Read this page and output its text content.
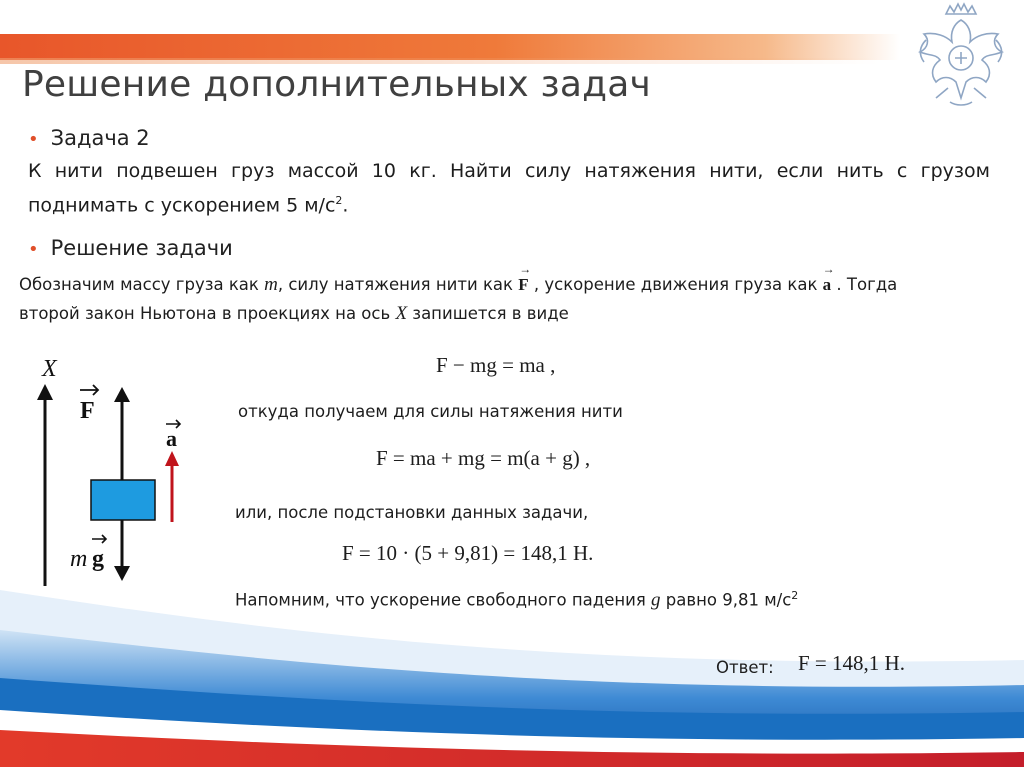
Решение дополнительных задач
• Задача 2
К нити подвешен груз массой 10 кг. Найти силу натяжения нити, если нить с грузом поднимать с ускорением 5 $м/с^2$.
• Решение задачи
Обозначим массу груза как m, силу натяжения нити как
→
F , ускорение движения груза как
→
a . Тогда
второй закон Ньютона в проекциях на ось X запишется в виде
F − mg = ma ,
откуда получаем для силы натяжения нити
F = ma + mg = m(a + g) ,
или, после подстановки данных задачи,
F = 10 · (5 + 9,81) = 148,1 Н.
Напомним, что ускорение свободного падения g равно 9,81 $м/с^2$
Ответ: F = 148,1 Н.
X
F
a
m g
